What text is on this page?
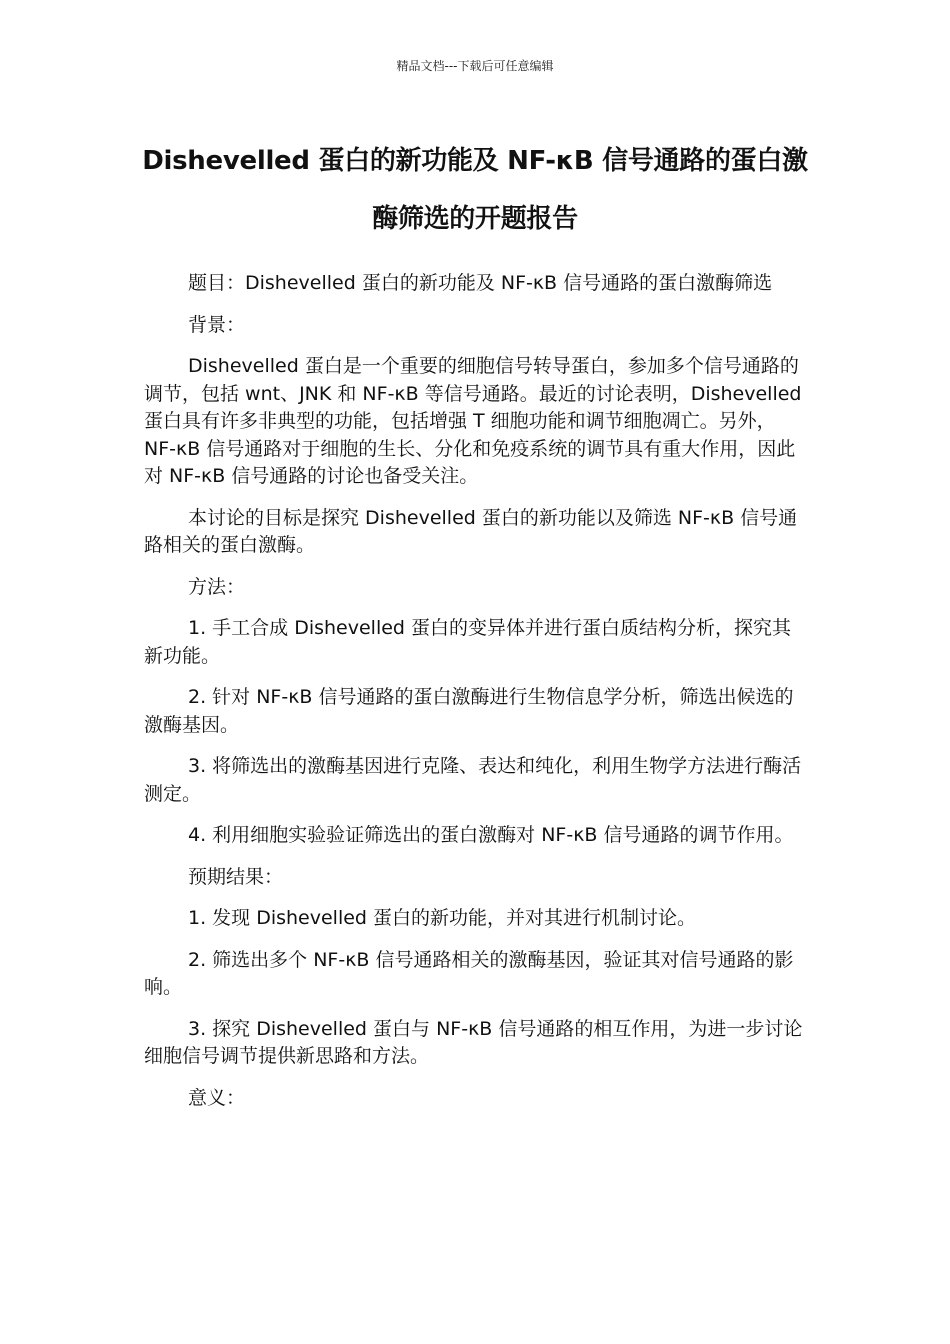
精品文档---下载后可任意编辑
Dishevelled 蛋白的新功能及 NF-κB 信号通路的蛋白激酶筛选的开题报告

题目：Dishevelled 蛋白的新功能及 NF-κB 信号通路的蛋白激酶筛选

背景：

Dishevelled 蛋白是一个重要的细胞信号转导蛋白，参加多个信号通路的调节，包括 wnt、JNK 和 NF-κB 等信号通路。最近的讨论表明，Dishevelled 蛋白具有许多非典型的功能，包括增强 T 细胞功能和调节细胞凋亡。另外，NF-κB 信号通路对于细胞的生长、分化和免疫系统的调节具有重大作用，因此对 NF-κB 信号通路的讨论也备受关注。

本讨论的目标是探究 Dishevelled 蛋白的新功能以及筛选 NF-κB 信号通路相关的蛋白激酶。

方法：

1. 手工合成 Dishevelled 蛋白的变异体并进行蛋白质结构分析，探究其新功能。

2. 针对 NF-κB 信号通路的蛋白激酶进行生物信息学分析，筛选出候选的激酶基因。

3. 将筛选出的激酶基因进行克隆、表达和纯化，利用生物学方法进行酶活测定。

4. 利用细胞实验验证筛选出的蛋白激酶对 NF-κB 信号通路的调节作用。

预期结果：

1. 发现 Dishevelled 蛋白的新功能，并对其进行机制讨论。

2. 筛选出多个 NF-κB 信号通路相关的激酶基因，验证其对信号通路的影响。

3. 探究 Dishevelled 蛋白与 NF-κB 信号通路的相互作用，为进一步讨论细胞信号调节提供新思路和方法。

意义：
